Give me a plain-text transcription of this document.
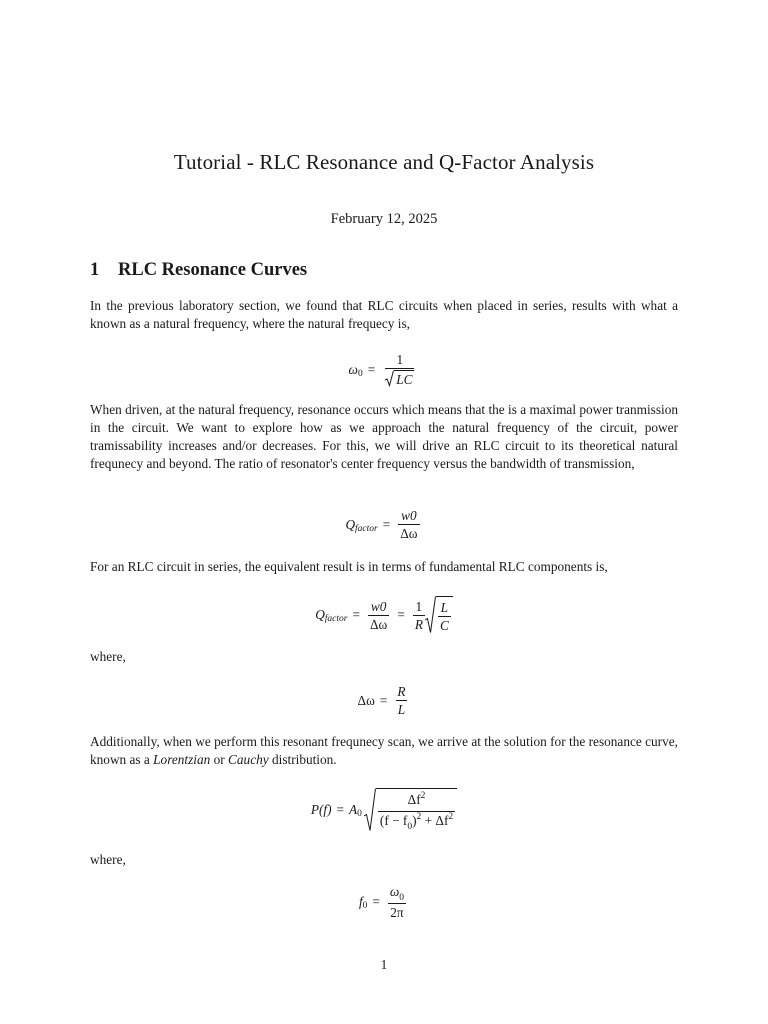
Tutorial - RLC Resonance and Q-Factor Analysis
February 12, 2025
1 RLC Resonance Curves

In the previous laboratory section, we found that RLC circuits when placed in series, results with what a known as a natural frequency, where the natural frequecy is,

ω 0 =
1
LC

When driven, at the natural frequency, resonance occurs which means that the is a maximal power tranmission in the circuit. We want to explore how as we approach the natural frequency of the circuit, power tramissability increases and/or decreases. For this, we will drive an RLC circuit to its theoretical natural frequnecy and beyond. The ratio of resonator's center frequency versus the bandwidth of transmission,

Q factor = $\frac{w0}{\Delta\omega}$

For an RLC circuit in series, the equivalent result is in terms of fundamental RLC components is,

Q factor = $\frac{w0}{\Delta\omega} = \frac{1}{R} \frac{L}{C}$

where,

$\Delta\omega = \frac{R}{L}$

Additionally, when we perform this resonant frequnecy scan, we arrive at the solution for the resonance curve, known as a Lorentzian or Cauchy distribution.

P(f) = A $0 \frac{\Delta f^2}{(f - f_0)^2 + \Delta f^2}$

where,

f $0 = \frac{\omega_0}{2\pi}$
1
